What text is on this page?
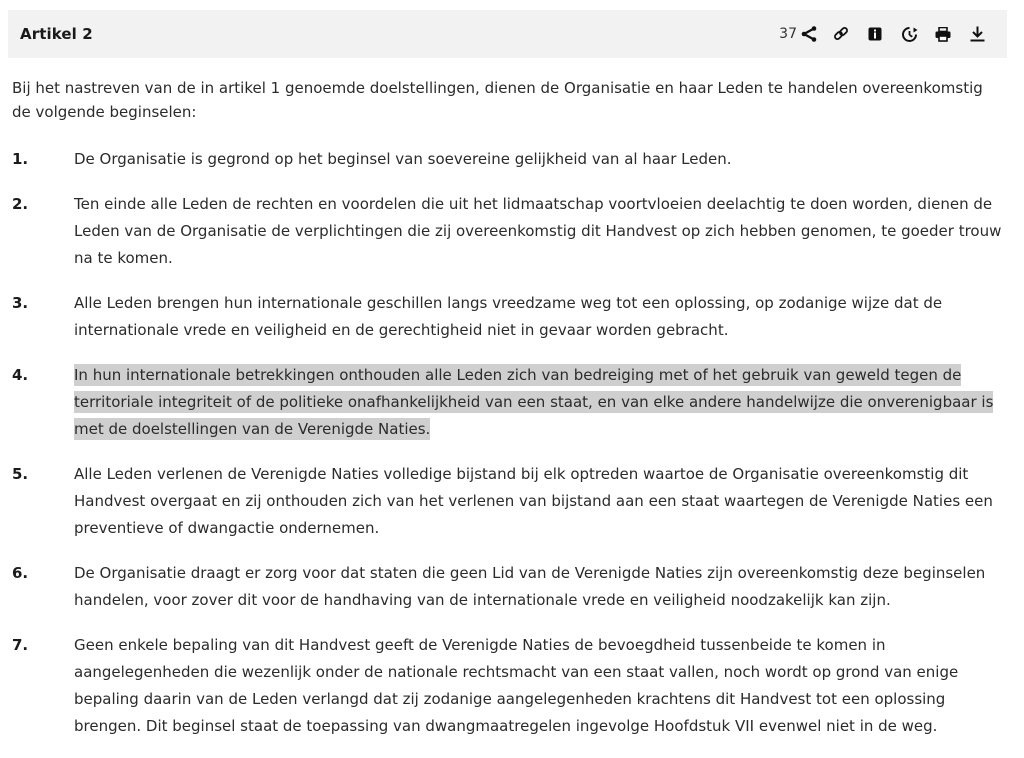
Artikel 2	37
Bij het nastreven van de in artikel 1 genoemde doelstellingen, dienen de Organisatie en haar Leden te handelen overeenkomstig de volgende beginselen:
1.	De Organisatie is gegrond op het beginsel van soevereine gelijkheid van al haar Leden.
2.	Ten einde alle Leden de rechten en voordelen die uit het lidmaatschap voortvloeien deelachtig te doen worden, dienen de Leden van de Organisatie de verplichtingen die zij overeenkomstig dit Handvest op zich hebben genomen, te goeder trouw na te komen.
3.	Alle Leden brengen hun internationale geschillen langs vreedzame weg tot een oplossing, op zodanige wijze dat de internationale vrede en veiligheid en de gerechtigheid niet in gevaar worden gebracht.
4.	In hun internationale betrekkingen onthouden alle Leden zich van bedreiging met of het gebruik van geweld tegen de territoriale integriteit of de politieke onafhankelijkheid van een staat, en van elke andere handelwijze die onverenigbaar is met de doelstellingen van de Verenigde Naties.
5.	Alle Leden verlenen de Verenigde Naties volledige bijstand bij elk optreden waartoe de Organisatie overeenkomstig dit Handvest overgaat en zij onthouden zich van het verlenen van bijstand aan een staat waartegen de Verenigde Naties een preventieve of dwangactie ondernemen.
6.	De Organisatie draagt er zorg voor dat staten die geen Lid van de Verenigde Naties zijn overeenkomstig deze beginselen handelen, voor zover dit voor de handhaving van de internationale vrede en veiligheid noodzakelijk kan zijn.
7.	Geen enkele bepaling van dit Handvest geeft de Verenigde Naties de bevoegdheid tussenbeide te komen in aangelegenheden die wezenlijk onder de nationale rechtsmacht van een staat vallen, noch wordt op grond van enige bepaling daarin van de Leden verlangd dat zij zodanige aangelegenheden krachtens dit Handvest tot een oplossing brengen. Dit beginsel staat de toepassing van dwangmaatregelen ingevolge Hoofdstuk VII evenwel niet in de weg.
